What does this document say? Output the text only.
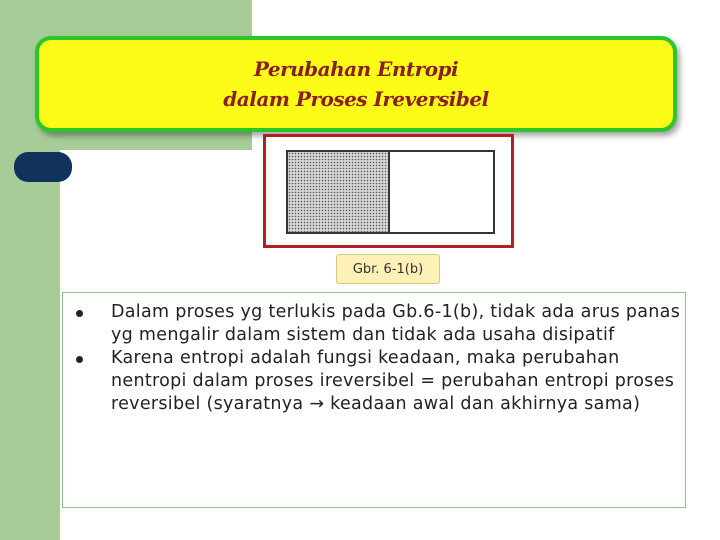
Perubahan Entropi
dalam Proses Ireversibel
Gbr. 6-1(b)
Dalam proses yg terlukis pada Gb.6-1(b), tidak ada arus panas yg mengalir dalam sistem dan tidak ada usaha disipatif
Karena entropi adalah fungsi keadaan, maka perubahan nentropi dalam proses ireversibel = perubahan entropi proses reversibel (syaratnya → keadaan awal dan akhirnya sama)
